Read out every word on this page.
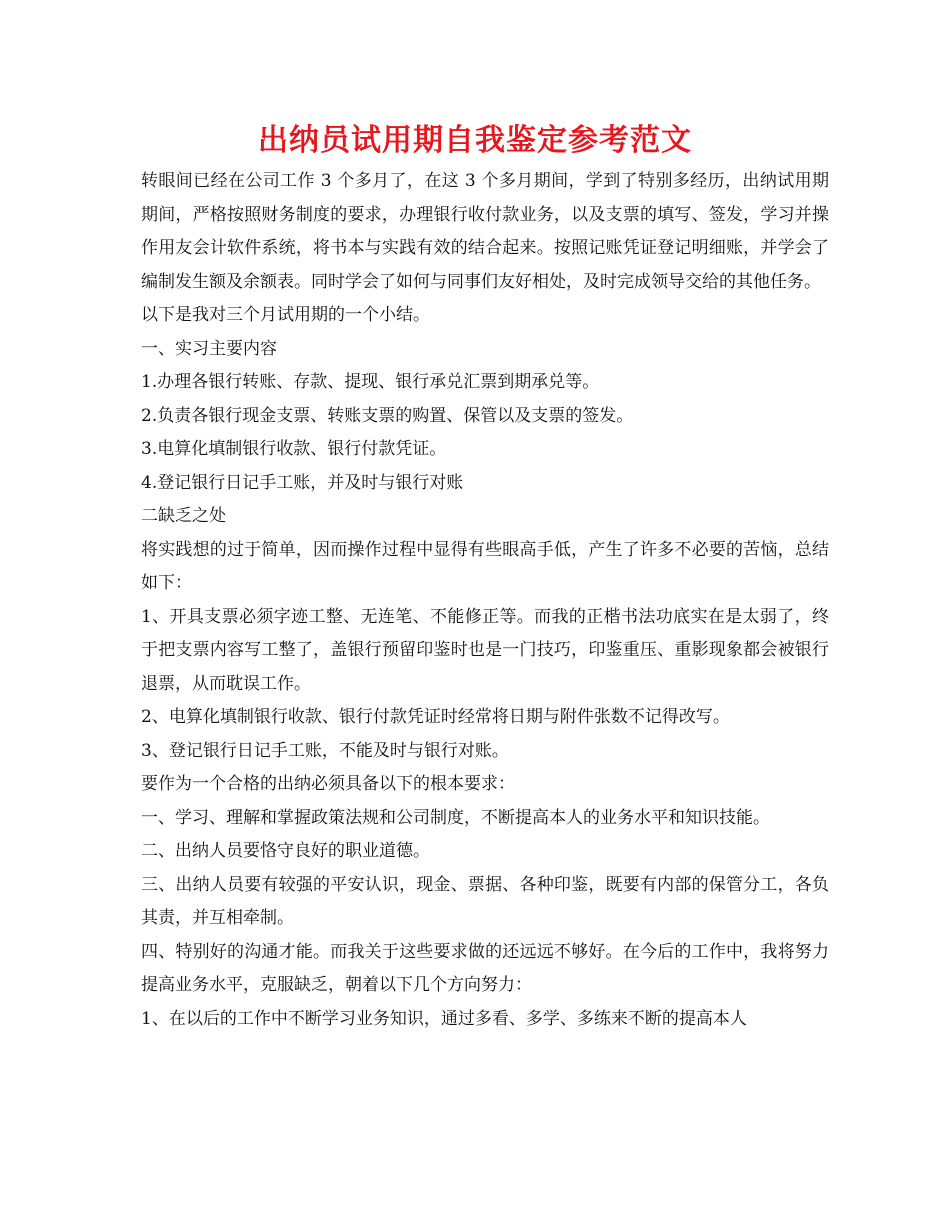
出纳员试用期自我鉴定参考范文

转眼间已经在公司工作 3 个多月了，在这 3 个多月期间，学到了特别多经历，出纳试用期期间，严格按照财务制度的要求，办理银行收付款业务，以及支票的填写、签发，学习并操作用友会计软件系统，将书本与实践有效的结合起来。按照记账凭证登记明细账，并学会了编制发生额及余额表。同时学会了如何与同事们友好相处，及时完成领导交给的其他任务。

以下是我对三个月试用期的一个小结。

一、实习主要内容

1.办理各银行转账、存款、提现、银行承兑汇票到期承兑等。

2.负责各银行现金支票、转账支票的购置、保管以及支票的签发。

3.电算化填制银行收款、银行付款凭证。

4.登记银行日记手工账，并及时与银行对账

二缺乏之处

将实践想的过于简单，因而操作过程中显得有些眼高手低，产生了许多不必要的苦恼，总结如下：

1、开具支票必须字迹工整、无连笔、不能修正等。而我的正楷书法功底实在是太弱了，终于把支票内容写工整了，盖银行预留印鉴时也是一门技巧，印鉴重压、重影现象都会被银行退票，从而耽误工作。

2、电算化填制银行收款、银行付款凭证时经常将日期与附件张数不记得改写。

3、登记银行日记手工账，不能及时与银行对账。

要作为一个合格的出纳必须具备以下的根本要求：

一、学习、理解和掌握政策法规和公司制度，不断提高本人的业务水平和知识技能。

二、出纳人员要恪守良好的职业道德。

三、出纳人员要有较强的平安认识，现金、票据、各种印鉴，既要有内部的保管分工，各负其责，并互相牵制。

四、特别好的沟通才能。而我关于这些要求做的还远远不够好。在今后的工作中，我将努力提高业务水平，克服缺乏，朝着以下几个方向努力：

1、在以后的工作中不断学习业务知识，通过多看、多学、多练来不断的提高本人
